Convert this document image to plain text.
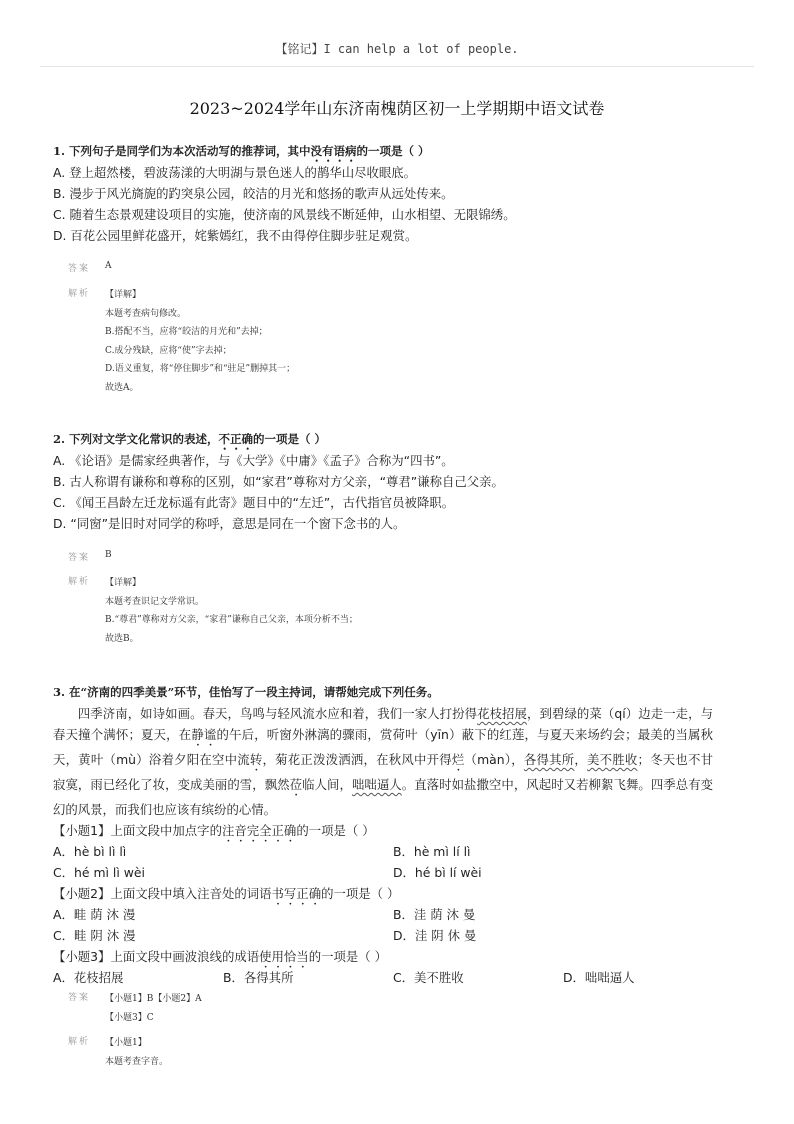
【铭记】I can help a lot of people.
2023~2024学年山东济南槐荫区初一上学期期中语文试卷
1. 下列句子是同学们为本次活动写的推荐词，其中没有语病的一项是（ ）
A. 登上超然楼，碧波荡漾的大明湖与景色迷人的鹊华山尽收眼底。
B. 漫步于风光旖旎的趵突泉公园，皎洁的月光和悠扬的歌声从远处传来。
C. 随着生态景观建设项目的实施，使济南的风景线不断延伸，山水相望、无限锦绣。
D. 百花公园里鲜花盛开，姹紫嫣红，我不由得停住脚步驻足观赏。
答案	A
解析	【详解】
本题考查病句修改。
B.搭配不当，应将“皎洁的月光和”去掉；
C.成分残缺，应将“使”字去掉；
D.语义重复，将“停住脚步”和“驻足”删掉其一；
故选A。
2. 下列对文学文化常识的表述，不正确的一项是（ ）
A. 《论语》是儒家经典著作，与《大学》《中庸》《孟子》合称为“四书”。
B. 古人称谓有谦称和尊称的区别，如“家君”尊称对方父亲，“尊君”谦称自己父亲。
C. 《闻王昌龄左迁龙标遥有此寄》题目中的“左迁”，古代指官员被降职。
D. “同窗”是旧时对同学的称呼，意思是同在一个窗下念书的人。
答案	B
解析	【详解】
本题考查识记文学常识。
B.“尊君”尊称对方父亲，“家君”谦称自己父亲，本项分析不当；
故选B。
3. 在“济南的四季美景”环节，佳怡写了一段主持词，请帮她完成下列任务。
四季济南，如诗如画。春天，鸟鸣与轻风流水应和着，我们一家人打扮得花枝招展，到碧绿的菜（qí）边走一走，与春天撞个满怀；夏天，在静谧的午后，听窗外淋漓的骤雨，赏荷叶（yīn）蔽下的红莲，与夏天来场约会；最美的当属秋天，黄叶（mù）浴着夕阳在空中流转，菊花正泼泼洒洒，在秋风中开得烂（màn），各得其所，美不胜收；冬天也不甘寂寞，雨已经化了妆，变成美丽的雪，飘然莅临人间，咄咄逼人。直落时如盐撒空中，风起时又若柳絮飞舞。四季总有变幻的风景，而我们也应该有缤纷的心情。
【小题1】上面文段中加点字的注音完全正确的一项是（ ）
A．hè bì lì lì	B．hè mì lí lì
C．hé mì lì wèi	D．hé bì lí wèi
【小题2】上面文段中填入注音处的词语书写正确的一项是（ ）
A．畦 荫 沐 漫	B．洼 荫 沐 曼
C．畦 阴 沐 漫	D．洼 阴 休 曼
【小题3】上面文段中画波浪线的成语使用恰当的一项是（ ）
A．花枝招展	B．各得其所	C．美不胜收	D．咄咄逼人
答案	【小题1】B【小题2】A
【小题3】C
解析	【小题1】
本题考查字音。
